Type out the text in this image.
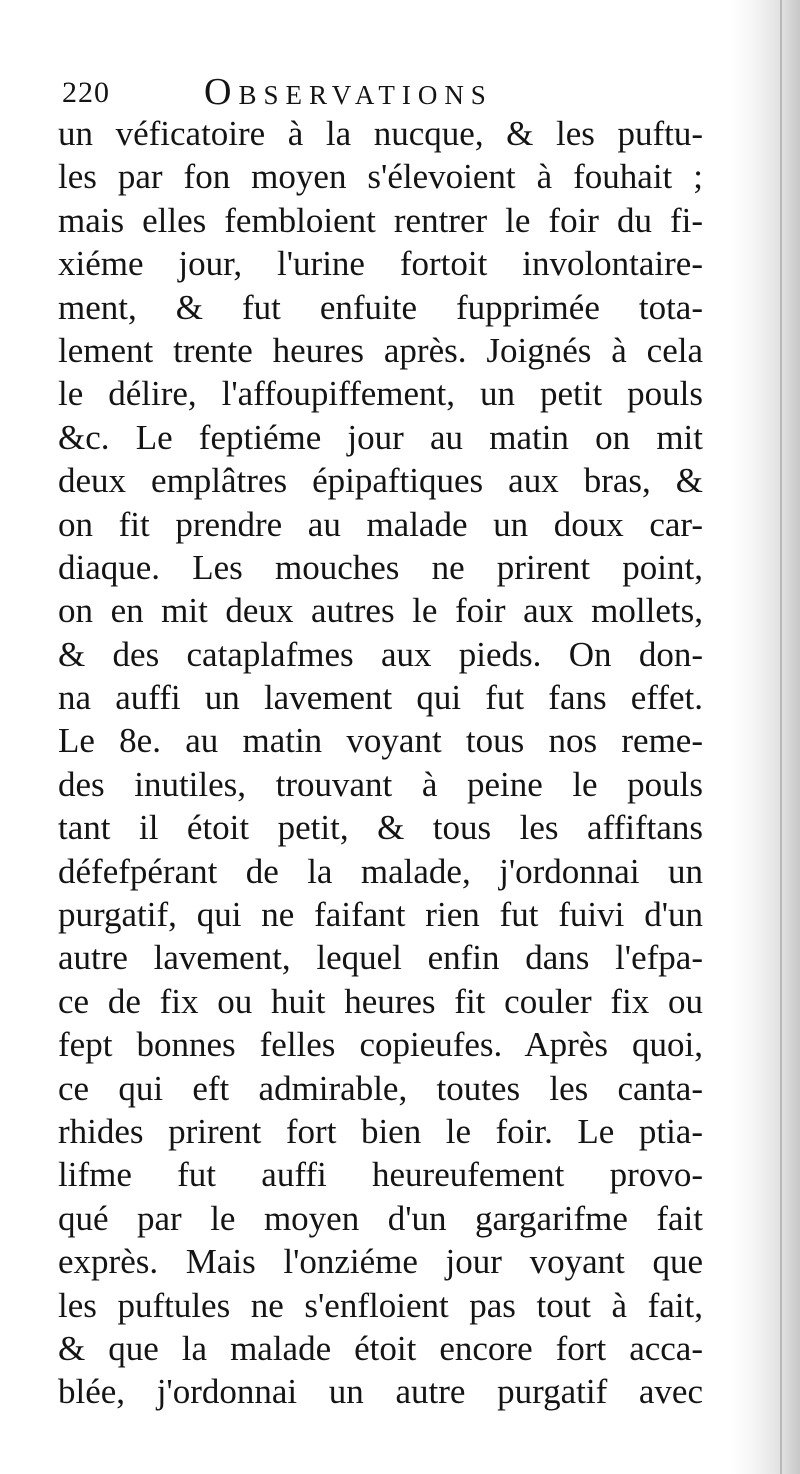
220 Observations
un véficatoire à la nucque, & les puftu-
les par fon moyen s'élevoient à fouhait ;
mais elles fembloient rentrer le foir du fi-
xiéme jour, l'urine fortoit involontaire-
ment, & fut enfuite fupprimée tota-
lement trente heures après. Joignés à cela
le délire, l'affoupiffement, un petit pouls
&c. Le feptiéme jour au matin on mit
deux emplâtres épipaftiques aux bras, &
on fit prendre au malade un doux car-
diaque. Les mouches ne prirent point,
on en mit deux autres le foir aux mollets,
& des cataplafmes aux pieds. On don-
na auffi un lavement qui fut fans effet.
Le 8e. au matin voyant tous nos reme-
des inutiles, trouvant à peine le pouls
tant il étoit petit, & tous les affiftans
défefpérant de la malade, j'ordonnai un
purgatif, qui ne faifant rien fut fuivi d'un
autre lavement, lequel enfin dans l'efpa-
ce de fix ou huit heures fit couler fix ou
fept bonnes felles copieufes. Après quoi,
ce qui eft admirable, toutes les canta-
rhides prirent fort bien le foir. Le ptia-
lifme fut auffi heureufement provo-
qué par le moyen d'un gargarifme fait
exprès. Mais l'onziéme jour voyant que
les puftules ne s'enfloient pas tout à fait,
& que la malade étoit encore fort acca-
blée, j'ordonnai un autre purgatif avec
